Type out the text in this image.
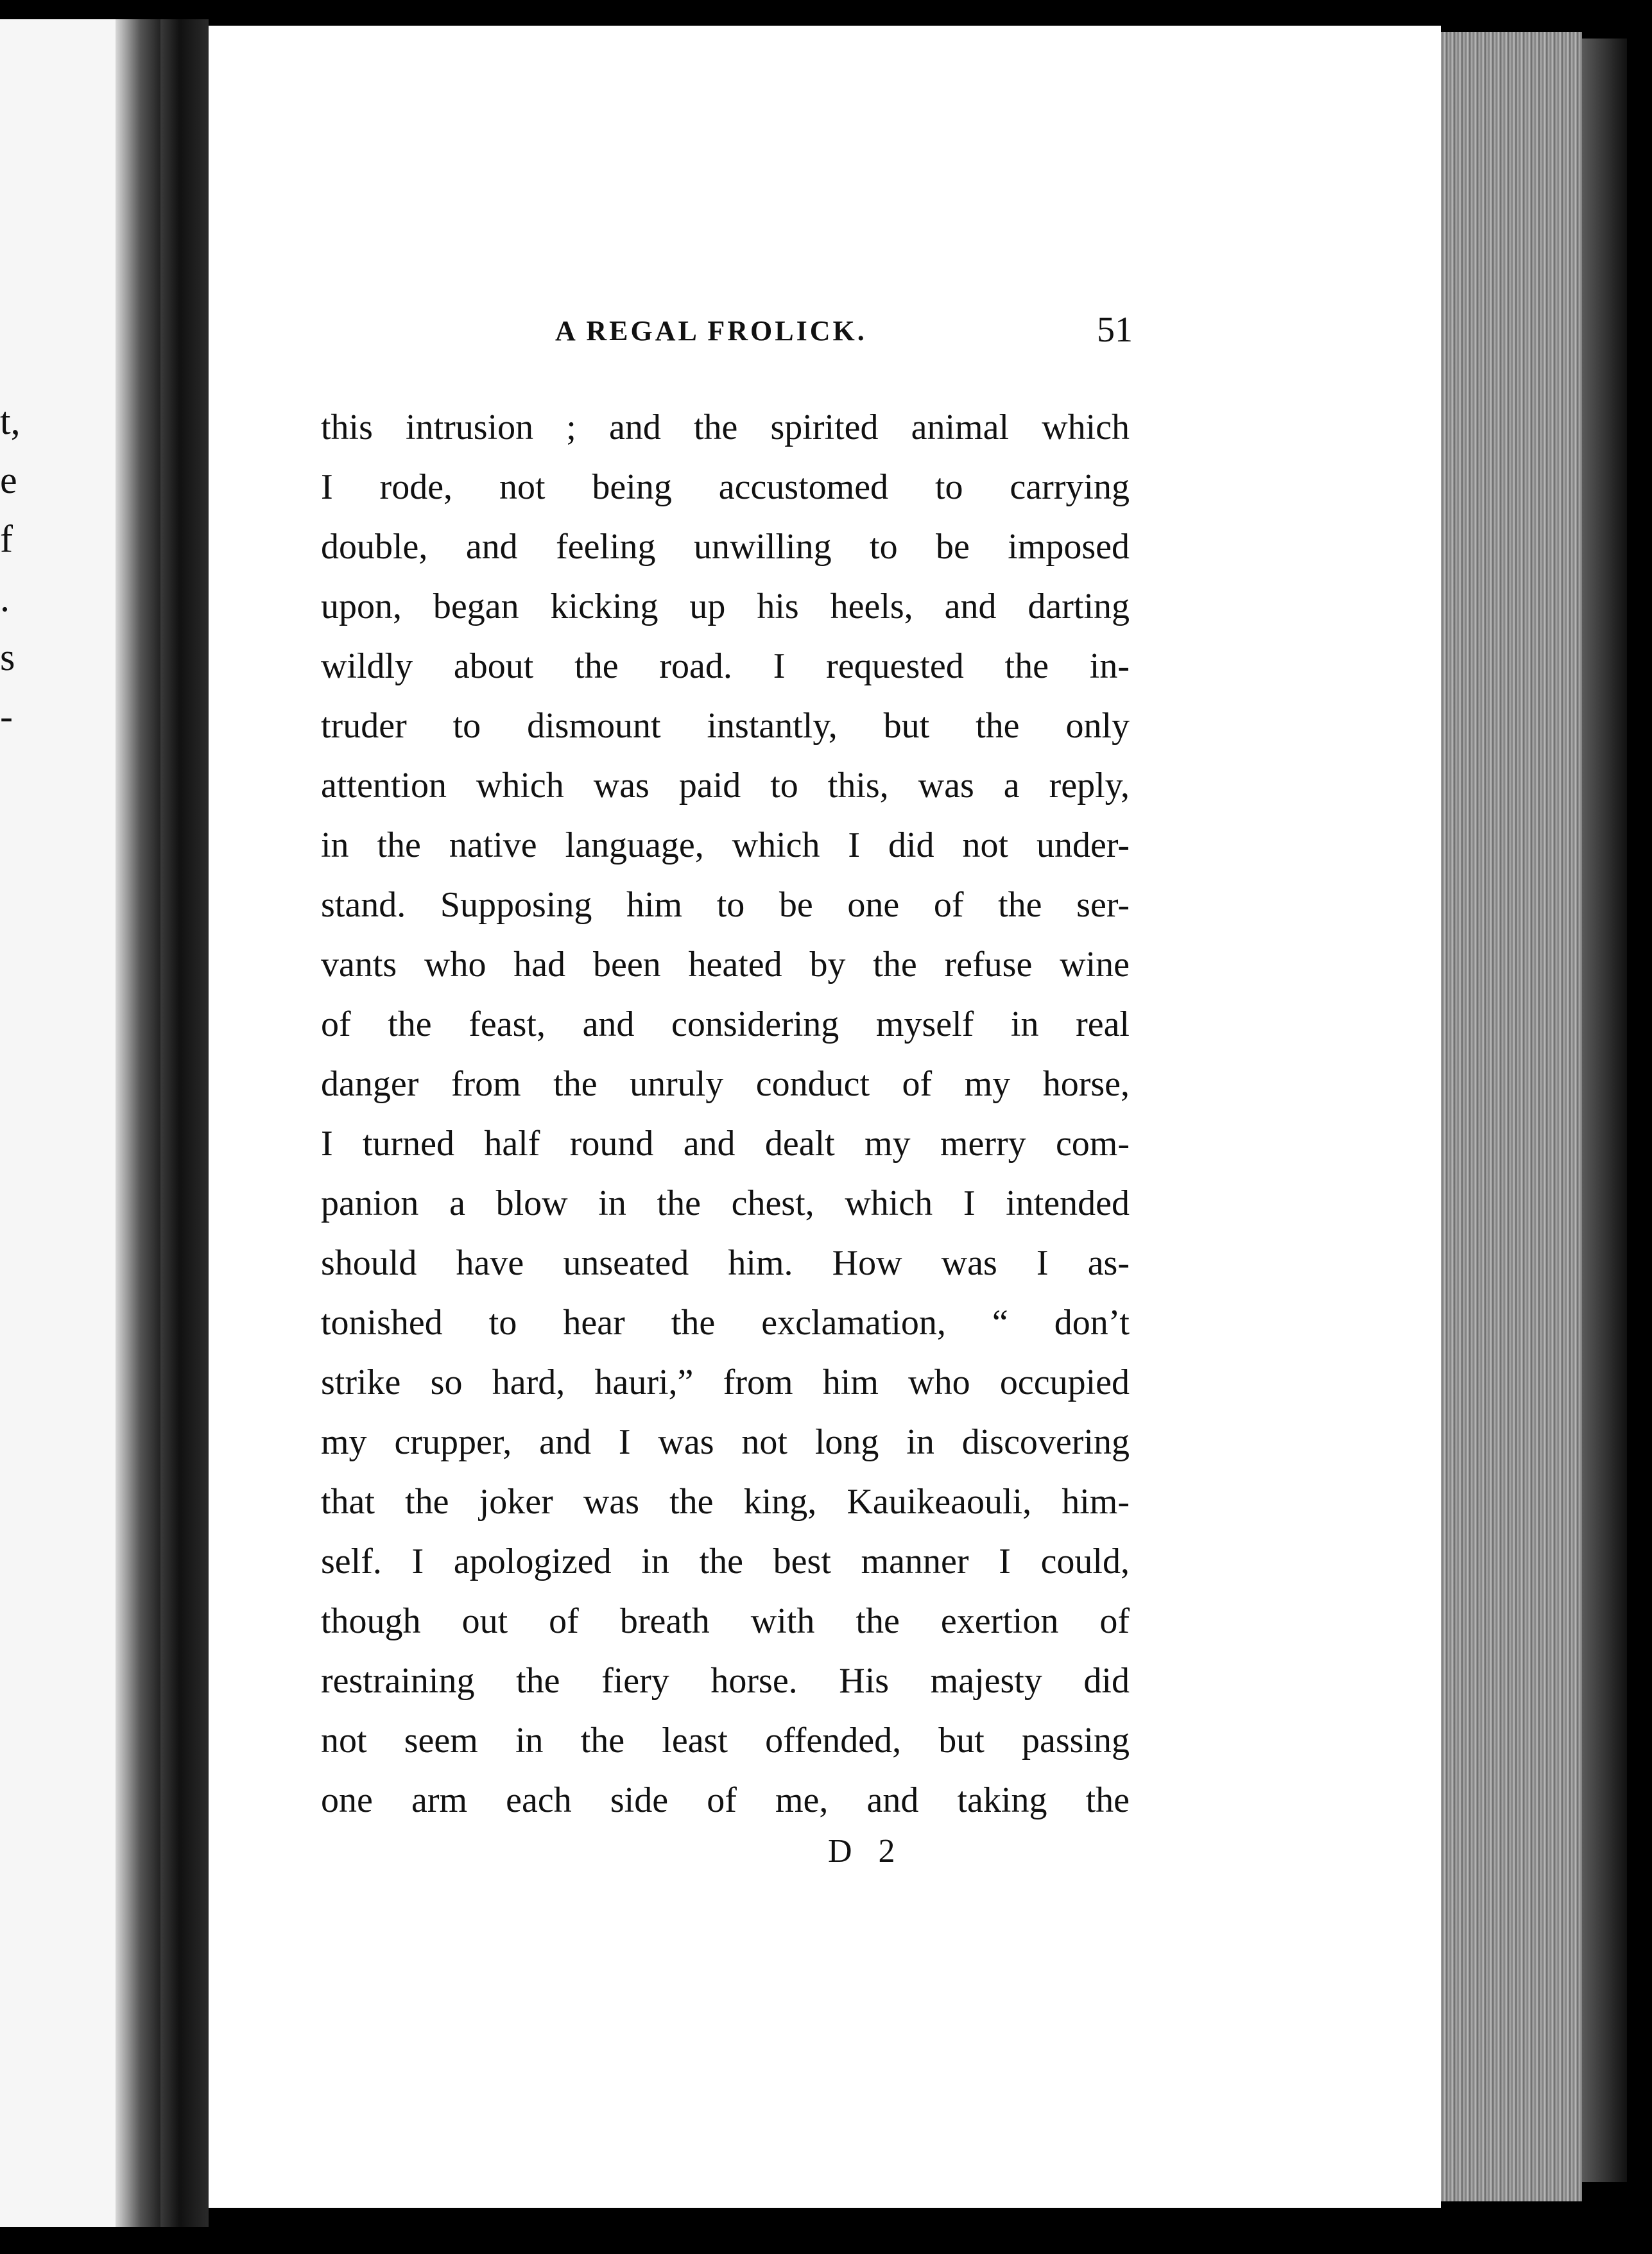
t,
e
f
.
s
-
A REGAL FROLICK.	51
this intrusion ; and the spirited animal which
I rode, not being accustomed to carrying
double, and feeling unwilling to be imposed
upon, began kicking up his heels, and darting
wildly about the road. I requested the in-
truder to dismount instantly, but the only
attention which was paid to this, was a reply,
in the native language, which I did not under-
stand. Supposing him to be one of the ser-
vants who had been heated by the refuse wine
of the feast, and considering myself in real
danger from the unruly conduct of my horse,
I turned half round and dealt my merry com-
panion a blow in the chest, which I intended
should have unseated him. How was I as-
tonished to hear the exclamation, “ don’t
strike so hard, hauri,” from him who occupied
my crupper, and I was not long in discovering
that the joker was the king, Kauikeaouli, him-
self. I apologized in the best manner I could,
though out of breath with the exertion of
restraining the fiery horse. His majesty did
not seem in the least offended, but passing
one arm each side of me, and taking the
D 2
